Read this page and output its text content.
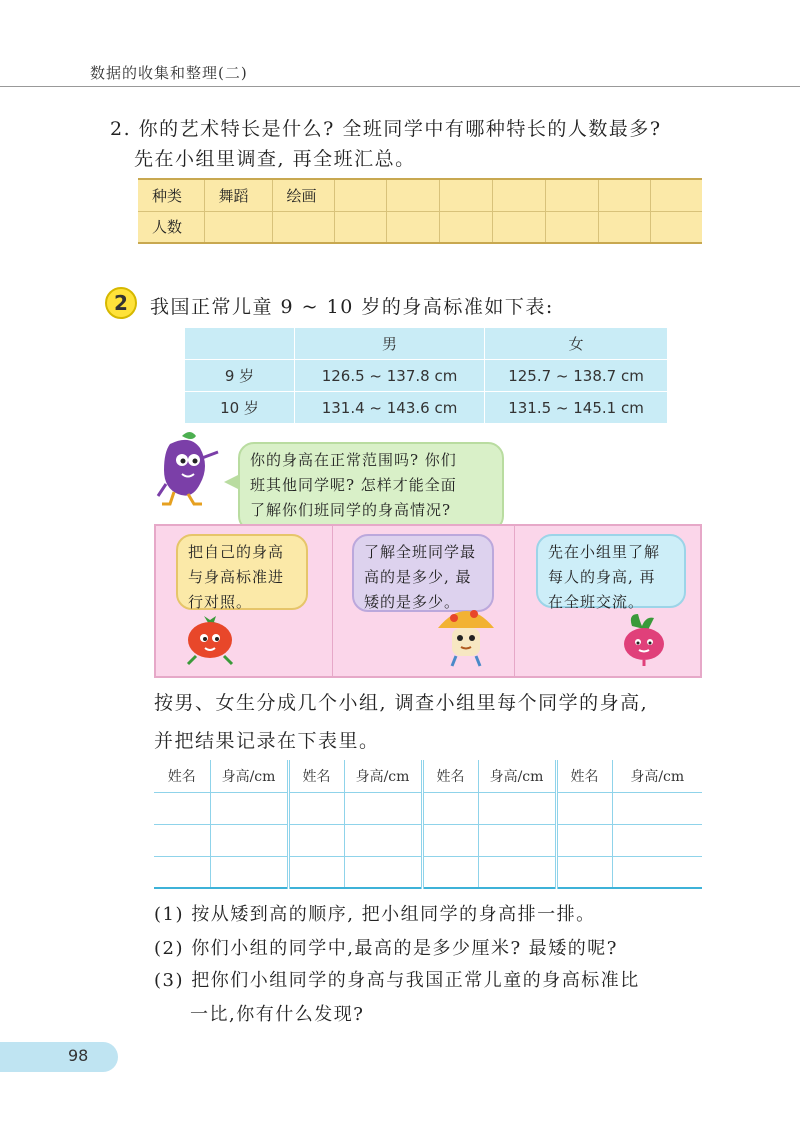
数据的收集和整理(二)
2. 你的艺术特长是什么? 全班同学中有哪种特长的人数最多?
先在小组里调查, 再全班汇总。
种类	舞蹈	绘画							
人数									
2	我国正常儿童 9 ~ 10 岁的身高标准如下表:
	男	女
9 岁	126.5 ~ 137.8 cm	125.7 ~ 138.7 cm
10 岁	131.4 ~ 143.6 cm	131.5 ~ 145.1 cm
你的身高在正常范围吗? 你们
班其他同学呢? 怎样才能全面
了解你们班同学的身高情况?
把自己的身高
与身高标准进
行对照。
了解全班同学最
高的是多少, 最
矮的是多少。
先在小组里了解
每人的身高, 再
在全班交流。
按男、女生分成几个小组, 调查小组里每个同学的身高,
并把结果记录在下表里。
姓名	身高/cm	姓名	身高/cm	姓名	身高/cm	姓名	身高/cm

(1) 按从矮到高的顺序, 把小组同学的身高排一排。
(2) 你们小组的同学中,最高的是多少厘米? 最矮的呢?
(3) 把你们小组同学的身高与我国正常儿童的身高标准比
一比,你有什么发现?
98
